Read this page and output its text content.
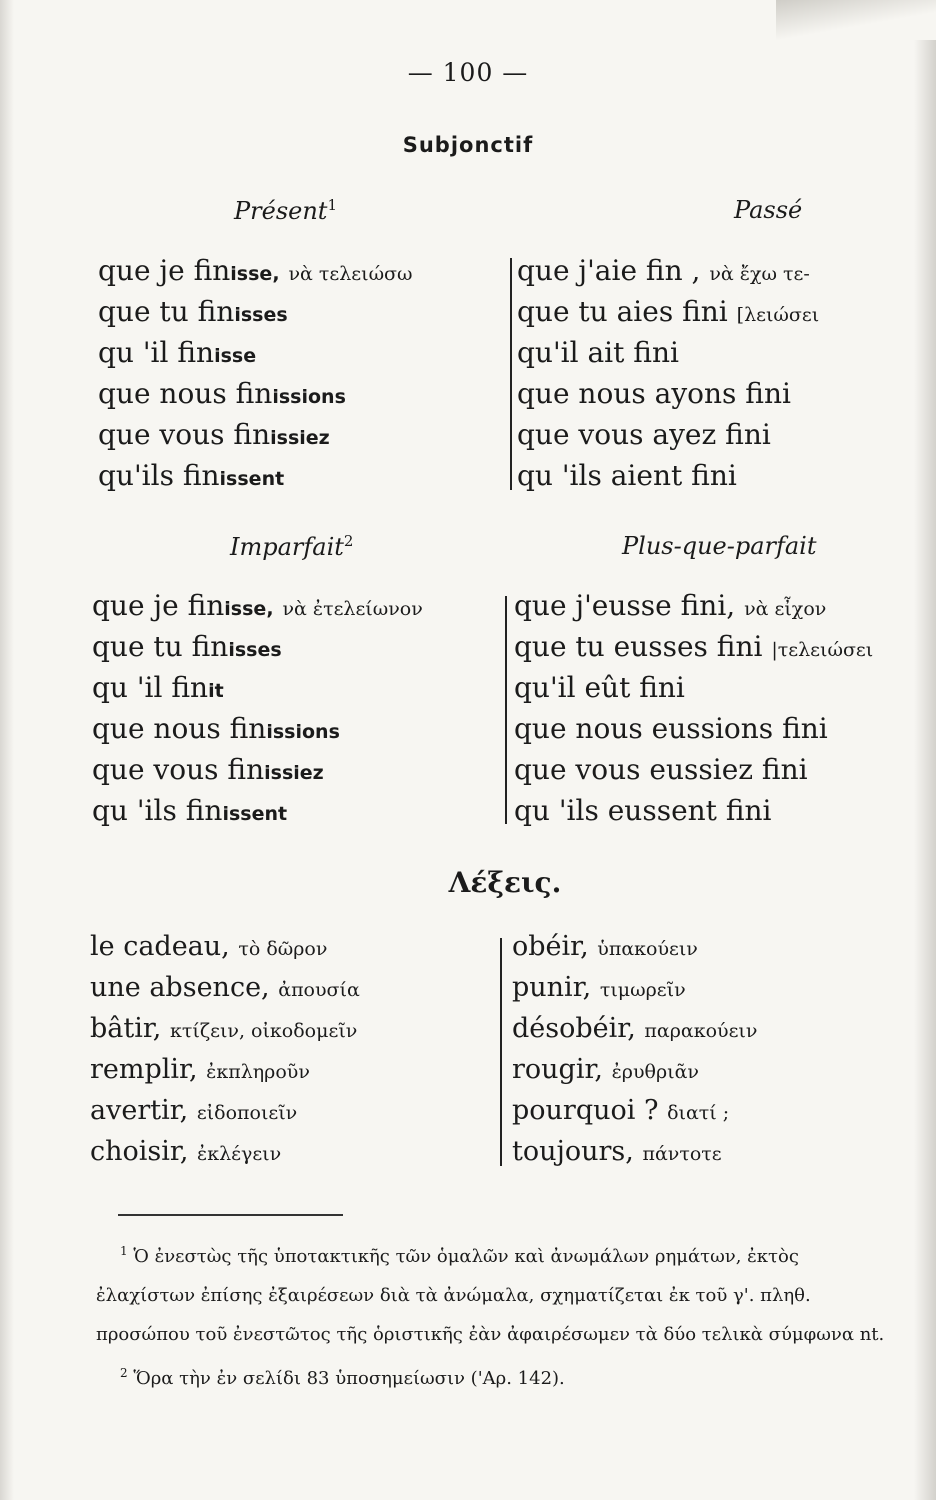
— 100 —
Subjonctif
Présent$^1$	Passé
que je finisse, νὰ τελειώσω
que tu finisses
qu 'il finisse
que nous finissions
que vous finissiez
qu'ils finissent
que j'aie fin , νὰ ἔχω τε-
que tu aies fini [λειώσει
qu'il ait fini
que nous ayons fini
que vous ayez fini
qu 'ils aient fini
Imparfait$^2$	Plus-que-parfait
que je finisse, νὰ ἐτελείωνον
que tu finisses
qu 'il finit
que nous finissions
que vous finissiez
qu 'ils finissent
que j'eusse fini, νὰ εἶχον
que tu eusses fini |τελειώσει
qu'il eût fini
que nous eussions fini
que vous eussiez fini
qu 'ils eussent fini
Λέξεις.
le cadeau, τὸ δῶρον
une absence, ἀπουσία
bâtir, κτίζειν, οἰκοδομεῖν
remplir, ἐκπληροῦν
avertir, εἰδοποιεῖν
choisir, ἐκλέγειν
obéir, ὑπακούειν
punir, τιμωρεῖν
désobéir, παρακούειν
rougir, ἐρυθριᾶν
pourquoi ? διατί ;
toujours, πάντοτε

$^1$ Ὁ ἐνεστὼς τῆς ὑποτακτικῆς τῶν ὁμαλῶν καὶ ἀνωμάλων ρημάτων, ἐκτὸς ἐλαχίστων ἐπίσης ἐξαιρέσεων διὰ τὰ ἀνώμαλα, σχηματίζεται ἐκ τοῦ γ'. πληθ. προσώπου τοῦ ἐνεστῶτος τῆς ὁριστικῆς ἐὰν ἀφαιρέσωμεν τὰ δύο τελικὰ σύμφωνα nt.

$^2$ Ὅρα τὴν ἐν σελίδι 83 ὑποσημείωσιν ('Αρ. 142).
